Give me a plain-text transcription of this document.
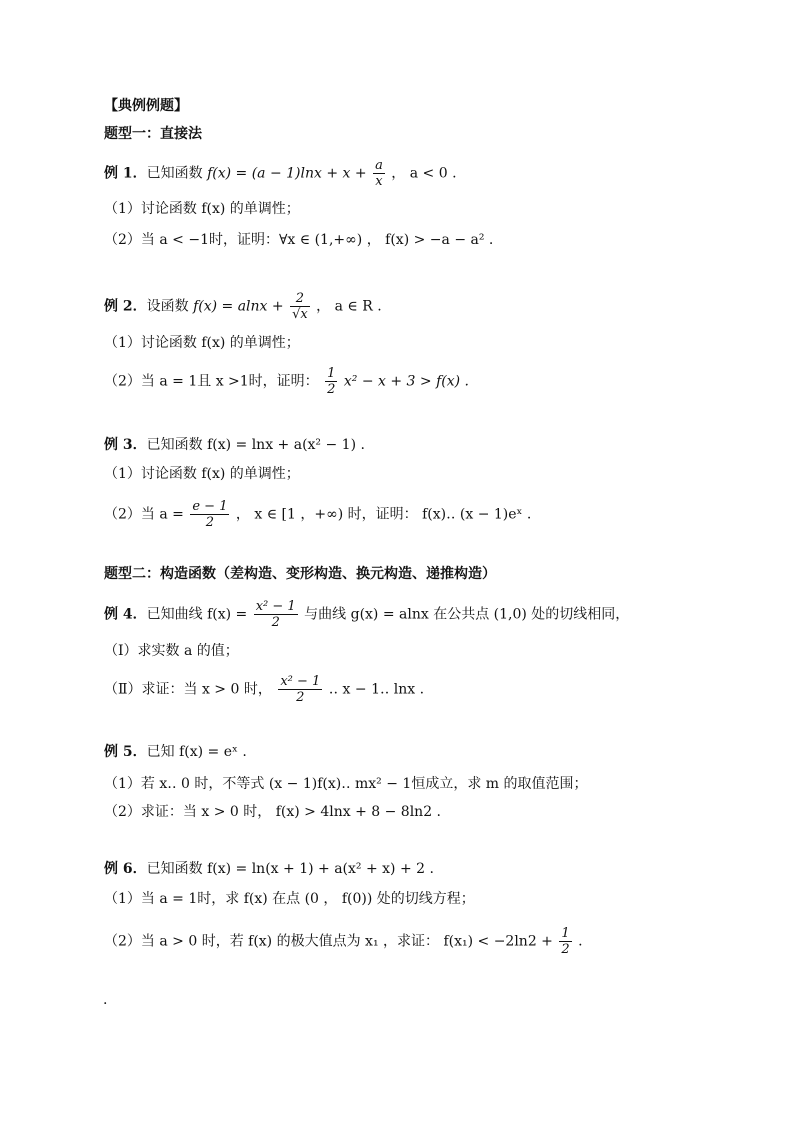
【典例例题】
题型一：直接法
例 1．已知函数 $f(x) = (a - 1)\ln x + x + \frac{a}{x}$ ， a < 0 .
（1）讨论函数 f(x) 的单调性；
（2）当 a < −1时，证明：∀x ∈ (1,+∞) ， f(x) > −a − a² .
例 2．设函数 $f(x) = alnx + \frac{2}{√x}$ ， a ∈ R .
（1）讨论函数 f(x) 的单调性；
（2）当 a = 1且 x >1时，证明： $\frac{1}{2} x^2 - x + 3 > f(x)$ .
例 3．已知函数 f(x) = lnx + a(x² − 1) .
（1）讨论函数 f(x) 的单调性；
（2）当 $a = \frac{e - 1}{2}$ ， x ∈ [1 ，+∞) 时，证明： f(x)‥ (x − 1)eˣ .
题型二：构造函数（差构造、变形构造、换元构造、递推构造）
例 4．已知曲线 $f(x) = \frac{\text{x² − 1}}{2}$ 与曲线 g(x) = alnx 在公共点 (1,0) 处的切线相同，
（Ⅰ）求实数 a 的值；
（Ⅱ）求证：当 x > 0 时， $\frac{\text{x² − 1}}{2}$ ‥ x − 1‥ lnx .
例 5．已知 f(x) = eˣ .
（1）若 x‥ 0 时，不等式 (x − 1)f(x)‥ mx² − 1恒成立，求 m 的取值范围；
（2）求证：当 x > 0 时， f(x) > 4lnx + 8 − 8ln2 .
例 6．已知函数 f(x) = ln(x + 1) + a(x² + x) + 2 .
（1）当 a = 1时，求 f(x) 在点 (0 ， f(0)) 处的切线方程；
（2）当 a > 0 时，若 f(x) 的极大值点为 x₁ ，求证： $f(x_1) < -2\ln 2 + \frac{1}{2}$ .
.
